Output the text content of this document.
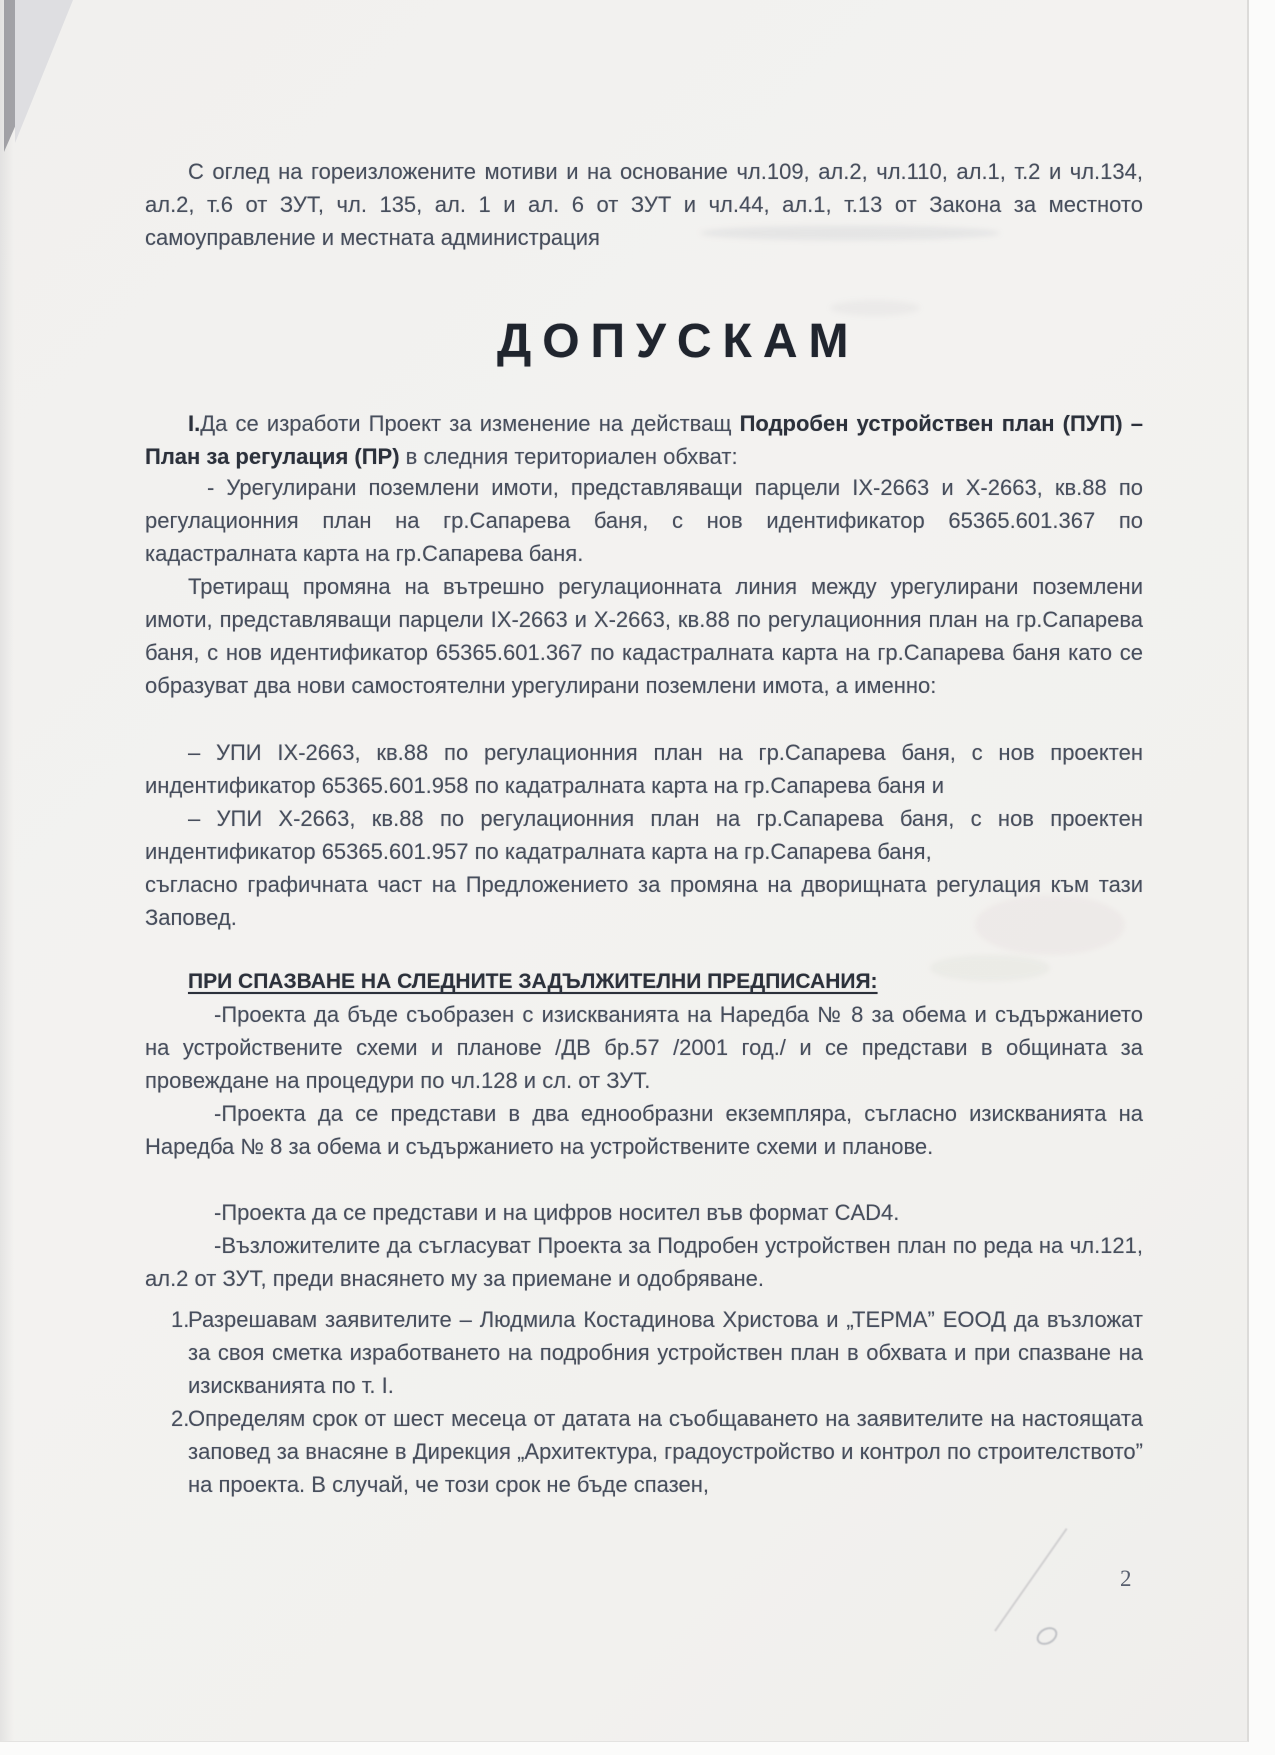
С оглед на гореизложените мотиви и на основание чл.109, ал.2, чл.110, ал.1, т.2 и чл.134, ал.2, т.6 от ЗУТ, чл. 135, ал. 1 и ал. 6 от ЗУТ и чл.44, ал.1, т.13 от Закона за местното самоуправление и местната администрация
ДОПУСКАМ
I.Да се изработи Проект за изменение на действащ Подробен устройствен план (ПУП) – План за регулация (ПР) в следния териториален обхват:
- Урегулирани поземлени имоти, представляващи парцели IX-2663 и X-2663, кв.88 по регулационния план на гр.Сапарева баня, с нов идентификатор 65365.601.367 по кадастралната карта на гр.Сапарева баня.
Третиращ промяна на вътрешно регулационната линия между урегулирани поземлени имоти, представляващи парцели IX-2663 и X-2663, кв.88 по регулационния план на гр.Сапарева баня, с нов идентификатор 65365.601.367 по кадастралната карта на гр.Сапарева баня като се образуват два нови самостоятелни урегулирани поземлени имота, а именно:
– УПИ IX-2663, кв.88 по регулационния план на гр.Сапарева баня, с нов проектен индентификатор 65365.601.958 по кадатралната карта на гр.Сапарева баня и
– УПИ X-2663, кв.88 по регулационния план на гр.Сапарева баня, с нов проектен индентификатор 65365.601.957 по кадатралната карта на гр.Сапарева баня,
съгласно графичната част на Предложението за промяна на дворищната регулация към тази Заповед.
ПРИ СПАЗВАНЕ НА СЛЕДНИТЕ ЗАДЪЛЖИТЕЛНИ ПРЕДПИСАНИЯ:
-Проекта да бъде съобразен с изискванията на Наредба № 8 за обема и съдържанието на устройствените схеми и планове /ДВ бр.57 /2001 год./ и се представи в общината за провеждане на процедури по чл.128 и сл. от ЗУТ.
-Проекта да се представи в два еднообразни екземпляра, съгласно изискванията на Наредба № 8 за обема и съдържанието на устройствените схеми и планове.
-Проекта да се представи и на цифров носител във формат CAD4.
-Възложителите да съгласуват Проекта за Подробен устройствен план по реда на чл.121, ал.2 от ЗУТ, преди внасянето му за приемане и одобряване.
1.
Разрешавам заявителите – Людмила Костадинова Христова и „ТЕРМА” ЕООД да възложат за своя сметка изработването на подробния устройствен план в обхвата и при спазване на изискванията по т. I.
2.
Определям срок от шест месеца от датата на съобщаването на заявителите на настоящата заповед за внасяне в Дирекция „Архитектура, градоустройство и контрол по строителството” на проекта. В случай, че този срок не бъде спазен,
2
